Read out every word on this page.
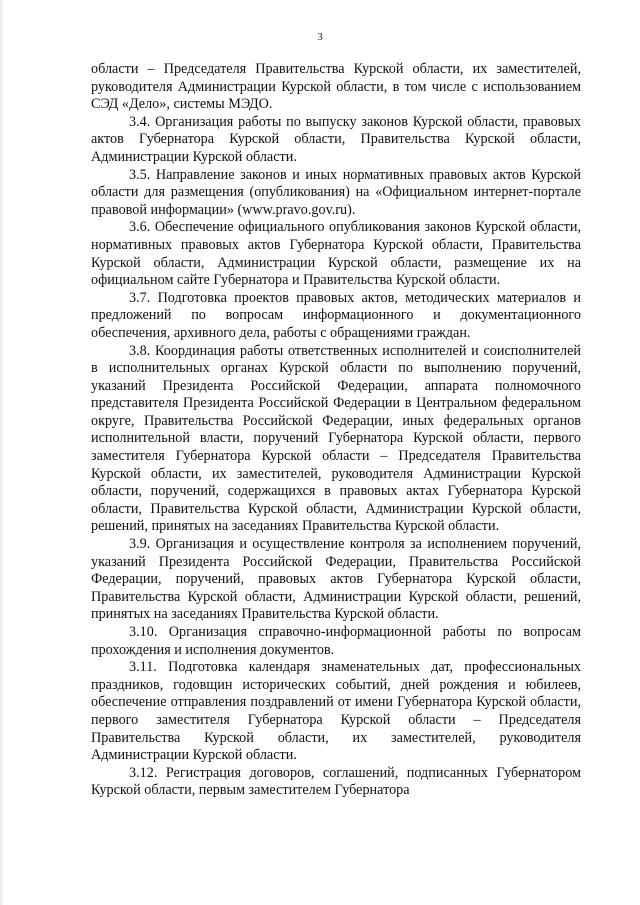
3

области – Председателя Правительства Курской области, их заместителей, руководителя Администрации Курской области, в том числе с использованием СЭД «Дело», системы МЭДО.

3.4. Организация работы по выпуску законов Курской области, правовых актов Губернатора Курской области, Правительства Курской области, Администрации Курской области.

3.5. Направление законов и иных нормативных правовых актов Курской области для размещения (опубликования) на «Официальном интернет-портале правовой информации» (www.pravo.gov.ru).

3.6. Обеспечение официального опубликования законов Курской области, нормативных правовых актов Губернатора Курской области, Правительства Курской области, Администрации Курской области, размещение их на официальном сайте Губернатора и Правительства Курской области.

3.7. Подготовка проектов правовых актов, методических материалов и предложений по вопросам информационного и документационного обеспечения, архивного дела, работы с обращениями граждан.

3.8. Координация работы ответственных исполнителей и соисполнителей в исполнительных органах Курской области по выполнению поручений, указаний Президента Российской Федерации, аппарата полномочного представителя Президента Российской Федерации в Центральном федеральном округе, Правительства Российской Федерации, иных федеральных органов исполнительной власти, поручений Губернатора Курской области, первого заместителя Губернатора Курской области – Председателя Правительства Курской области, их заместителей, руководителя Администрации Курской области, поручений, содержащихся в правовых актах Губернатора Курской области, Правительства Курской области, Администрации Курской области, решений, принятых на заседаниях Правительства Курской области.

3.9. Организация и осуществление контроля за исполнением поручений, указаний Президента Российской Федерации, Правительства Российской Федерации, поручений, правовых актов Губернатора Курской области, Правительства Курской области, Администрации Курской области, решений, принятых на заседаниях Правительства Курской области.

3.10. Организация справочно-информационной работы по вопросам прохождения и исполнения документов.

3.11. Подготовка календаря знаменательных дат, профессиональных праздников, годовщин исторических событий, дней рождения и юбилеев, обеспечение отправления поздравлений от имени Губернатора Курской области, первого заместителя Губернатора Курской области – Председателя Правительства Курской области, их заместителей, руководителя Администрации Курской области.

3.12. Регистрация договоров, соглашений, подписанных Губернатором Курской области, первым заместителем Губернатора
